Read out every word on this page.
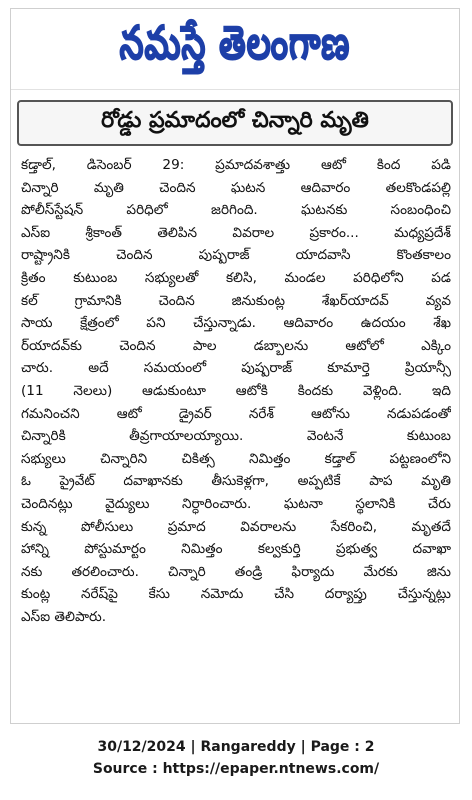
నమస్తే తెలంగాణ
రోడ్డు ప్రమాదంలో చిన్నారి మృతి
కడ్తాల్, డిసెంబర్ 29: ప్రమాదవశాత్తు ఆటో కింద పడి
చిన్నారి మృతి చెందిన ఘటన ఆదివారం తలకొండపల్లి
పోలీస్‌స్టేషన్ పరిధిలో జరిగింది. ఘటనకు సంబంధించి
ఎస్ఐ శ్రీకాంత్ తెలిపిన వివరాల ప్రకారం... మధ్యప్రదేశ్
రాష్ట్రానికి చెందిన పుష్పరాజ్ యాదవాసి కొంతకాలం
క్రితం కుటుంబ సభ్యులతో కలిసి, మండల పరిధిలోని పడ
కల్ గ్రామానికి చెందిన జినుకుంట్ల శేఖర్‌యాదవ్ వ్యవ
సాయ క్షేత్రంలో పని చేస్తున్నాడు. ఆదివారం ఉదయం శేఖ
ర్‌యాదవ్‌కు చెందిన పాల డబ్బాలను ఆటోలో ఎక్కిం
చారు. అదే సమయంలో పుష్పరాజ్ కూమార్తె ప్రియాన్సీ
(11 నెలలు) ఆడుకుంటూ ఆటోకి కిందకు వెళ్లింది. ఇది
గమనించని ఆటో డ్రైవర్ నరేశ్ ఆటోను నడుపడంతో
చిన్నారికి తీవ్రగాయాలయ్యాయి. వెంటనే కుటుంబ
సభ్యులు చిన్నారిని చికిత్స నిమిత్తం కడ్తాల్ పట్టణంలోని
ఓ ప్రైవేట్ దవాఖానకు తీసుకెళ్లగా, అప్పటికే పాప మృతి
చెందినట్లు వైద్యులు నిర్ధారించారు. ఘటనా స్థలానికి చేరు
కున్న పోలీసులు ప్రమాద వివరాలను సేకరించి, మృతదే
హాన్ని పోస్టుమార్టం నిమిత్తం కల్వకుర్తి ప్రభుత్వ దవాఖా
నకు తరలించారు. చిన్నారి తండ్రి ఫిర్యాదు మేరకు జిను
కుంట్ల నరేష్‌పై కేసు నమోదు చేసి దర్యాప్తు చేస్తున్నట్లు
ఎస్ఐ తెలిపారు.
30/12/2024 | Rangareddy | Page : 2
Source : https://epaper.ntnews.com/
